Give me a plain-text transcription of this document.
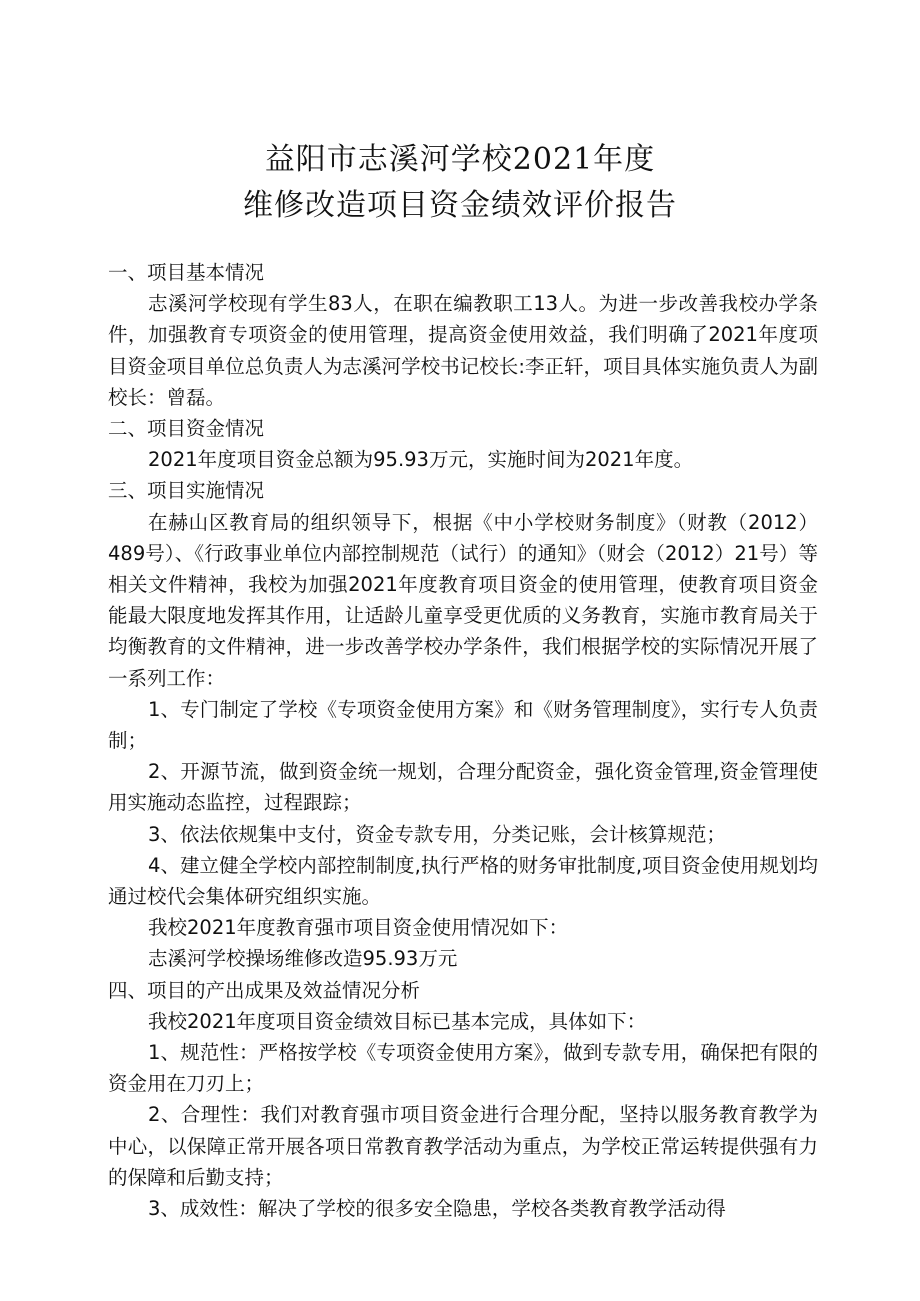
益阳市志溪河学校2021年度
维修改造项目资金绩效评价报告

一、项目基本情况

志溪河学校现有学生83人，在职在编教职工13人。为进一步改善我校办学条件，加强教育专项资金的使用管理，提高资金使用效益，我们明确了2021年度项目资金项目单位总负责人为志溪河学校书记校长:李正轩，项目具体实施负责人为副校长：曾磊。

二、项目资金情况

2021年度项目资金总额为95.93万元，实施时间为2021年度。

三、项目实施情况

在赫山区教育局的组织领导下，根据《中小学校财务制度》（财教（2012）489号）、《行政事业单位内部控制规范（试行）的通知》（财会（2012）21号）等相关文件精神，我校为加强2021年度教育项目资金的使用管理，使教育项目资金能最大限度地发挥其作用，让适龄儿童享受更优质的义务教育，实施市教育局关于均衡教育的文件精神，进一步改善学校办学条件，我们根据学校的实际情况开展了一系列工作：

1、专门制定了学校《专项资金使用方案》和《财务管理制度》，实行专人负责制；

2、开源节流，做到资金统一规划，合理分配资金，强化资金管理,资金管理使用实施动态监控，过程跟踪；

3、依法依规集中支付，资金专款专用，分类记账，会计核算规范；

4、建立健全学校内部控制制度,执行严格的财务审批制度,项目资金使用规划均通过校代会集体研究组织实施。

我校2021年度教育强市项目资金使用情况如下：

志溪河学校操场维修改造95.93万元

四、项目的产出成果及效益情况分析

我校2021年度项目资金绩效目标已基本完成，具体如下：

1、规范性：严格按学校《专项资金使用方案》，做到专款专用，确保把有限的资金用在刀刃上；

2、合理性：我们对教育强市项目资金进行合理分配，坚持以服务教育教学为中心，以保障正常开展各项日常教育教学活动为重点，为学校正常运转提供强有力的保障和后勤支持；

3、成效性：解决了学校的很多安全隐患，学校各类教育教学活动得
